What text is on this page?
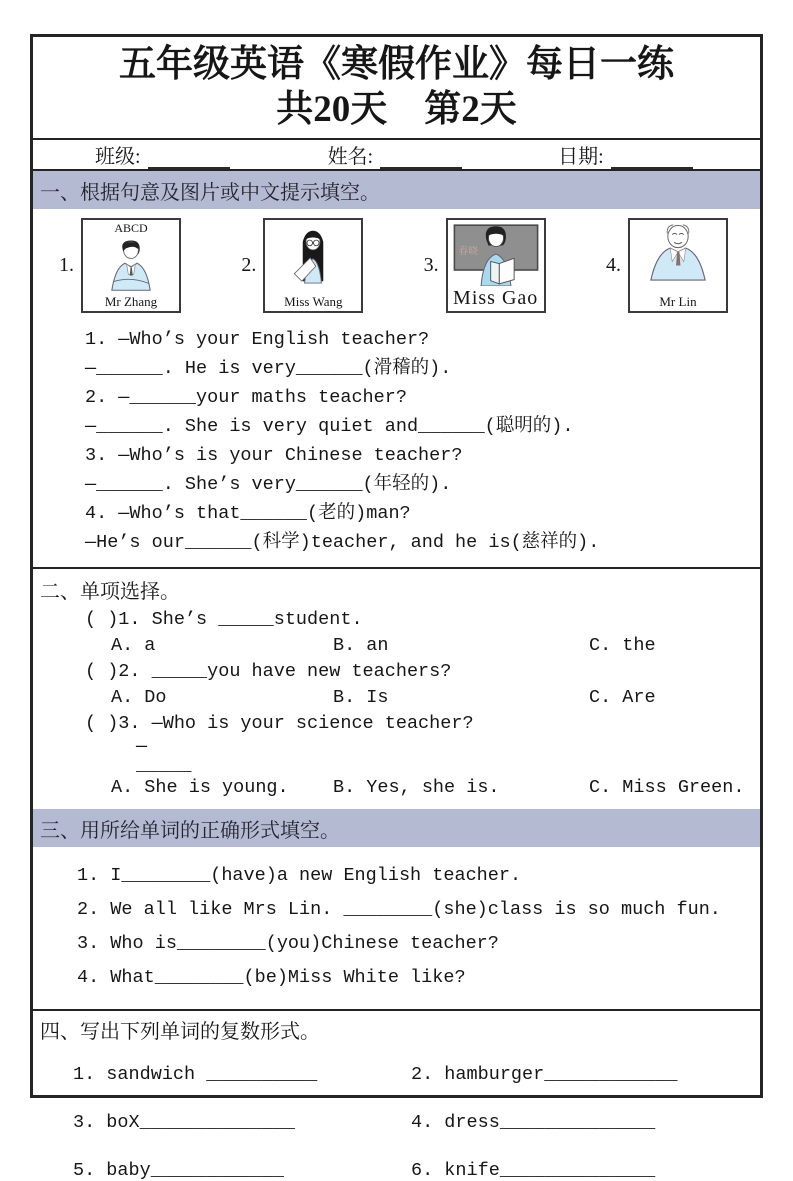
五年级英语《寒假作业》每日一练
共20天　第2天
班级:	姓名:	日期:
一、根据句意及图片或中文提示填空。
1.
ABCD
Mr Zhang
2.
Miss Wang
3.
春晓
Miss Gao
4.
Mr Lin
1. —Who’s your English teacher?
—______. He is very______(滑稽的).
2. —______your maths teacher?
—______. She is very quiet and______(聪明的).
3. —Who’s is your Chinese teacher?
—______. She’s very______(年轻的).
4. —Who’s that______(老的)man?
—He’s our______(科学)teacher, and he is(慈祥的).
二、单项选择。
( )1. She’s _____student.
A. a	B. an	C. the
( )2. _____you have new teachers?
A. Do	B. Is	C. Are
( )3. —Who is your science teacher?
—
_____
A. She is young.	B. Yes, she is.	C. Miss Green.
三、用所给单词的正确形式填空。
1. I________(have)a new English teacher.
2. We all like Mrs Lin. ________(she)class is so much fun.
3. Who is________(you)Chinese teacher?
4. What________(be)Miss White like?
四、写出下列单词的复数形式。
1. sandwich __________	2. hamburger____________
3. boX______________	4. dress______________
5. baby____________	6. knife______________
